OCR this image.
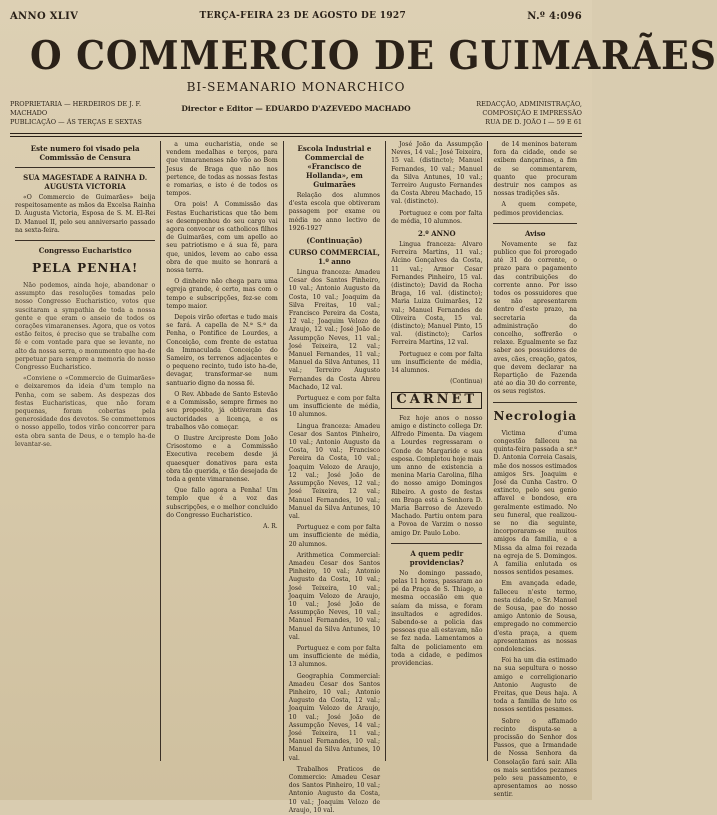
ANNO XLIV	TERÇA-FEIRA 23 DE AGOSTO DE 1927	N.º 4:096
O COMMERCIO DE GUIMARÃES
BI-SEMANARIO MONARCHICO
PROPRIETARIA — HERDEIROS DE J. F. MACHADO
PUBLICAÇÃO — ÁS TERÇAS E SEXTAS
Director e Editor — EDUARDO D'AZEVEDO MACHADO	REDACÇÃO, ADMINISTRAÇÃO, COMPOSIÇÃO E IMPRESSÃO
RUA DE D. JOÃO I — 59 E 61
Este numero foi visado pela Commissão de Censura
SUA MAGESTADE A RAINHA D. AUGUSTA VICTORIA

«O Commercio de Guimarães» beija respeitosamente as mãos da Excelsa Rainha D. Augusta Victoria, Esposa de S. M. El-Rei D. Manuel II, pelo seu anniversario passado na sexta-feira.

Congresso Eucharistico
PELA PENHA!

Não podemos, ainda hoje, abandonar o assumpto das resoluções tomadas pelo nosso Congresso Eucharistico, votos que suscitaram a sympathia de toda a nossa gente e que eram o anseio de todos os corações vimaranenses. Agora, que os votos estão feitos, é preciso que se trabalhe com fé e com vontade para que se levante, no alto da nossa serra, o monumento que ha-de perpetuar para sempre a memoria do nosso Congresso Eucharistico.

«Conviene o «Commercio de Guimarães» e deixaremos da ideia d'um templo na Penha, com se sabem. As despezas dos festas Eucharisticas, que não foram pequenas, foram cobertas pela generosidade dos devotos. Se commettemos o nosso appello, todos virão concorrer para esta obra santa de Deus, e o templo ha-de levantar-se.

a uma eucharistia, onde se vendem medalhas e terços, para que vimaranenses não vão ao Bom Jesus de Braga que não nos pertence, de todas as nossas festas e romarias, e isto é de todos os tempos.

Ora pois! A Commissão das Festas Eucharisticas que tão bem se desempenhou do seu cargo vai agora convocar os catholicos filhos de Guimarães, com um apello ao seu patriotismo e á sua fé, para que, unidos, levem ao cabo essa obra de que muito se honrará a nossa terra.

O dinheiro não chega para uma egreja grande, é certo, mas com o tempo e subscripções, fez-se com tempo maior.

Depois virão ofertas e tudo mais se fará. A capella de N.ª S.ª da Penha, o Pontifice de Lourdes, a Conceição, com frente de estatua da Immaculada Conceição do Sameiro, os terrenos adjacentes e o pequeno recinto, tudo isto ha-de, devagar, transformar-se num santuario digno da nossa fé.

O Rev. Abbade de Santo Estevão e a Commissão, sempre firmes no seu proposito, já obtiveram das auctoridades a licença, e os trabalhos vão começar.

O Ilustre Arcipreste Dom João Crisostomo e a Commissão Executiva recebem desde já quaesquer donativos para esta obra tão querida, e tão desejada de toda a gente vimaranense.

Que fallo agora a Penha! Um templo que é a voz das subscripções, e o melhor concluido do Congresso Eucharistico.

A. R.
Escola Industrial e Commercial de «Francisco de Hollanda», em Guimarães

Relação dos alumnos d'esta escola que obtiveram passagem por exame ou média no anno lectivo de 1926-1927

(Continuação)
CURSO COMMERCIAL, 1.º anno

Lingua franceza: Amadeu Cesar dos Santos Pinheiro, 10 val.; Antonio Augusto da Costa, 10 val.; Joaquim da Silva Freitas, 10 val.; Francisco Pereira da Costa, 12 val.; Joaquim Velozo de Araujo, 12 val.; José João de Assumpção Neves, 11 val.; José Teixeira, 12 val.; Manuel Fernandes, 11 val.; Manuel da Silva Antunes, 11 val.; Terreiro Augusto Fernandes da Costa Abreu Machado, 12 val.

Portuguez e com por falta um insufficiente de média, 10 alumnos.

Lingua franceza: Amadeu Cesar dos Santos Pinheiro, 10 val.; Antonio Augusto da Costa, 10 val.; Francisco Pereira da Costa, 10 val.; Joaquim Velozo de Araujo, 12 val.; José João de Assumpção Neves, 12 val.; José Teixeira, 12 val.; Manuel Fernandes, 10 val.; Manuel da Silva Antunes, 10 val.

Portuguez e com por falta um insufficiente de média, 20 alumnos.

Arithmetica Commercial: Amadeu Cesar dos Santos Pinheiro, 10 val.; Antonio Augusto da Costa, 10 val.; José Teixeira, 10 val.; Joaquim Velozo de Araujo, 10 val.; José João de Assumpção Neves, 10 val.; Manuel Fernandes, 10 val.; Manuel da Silva Antunes, 10 val.

Portuguez e com por falta um insufficiente de média, 13 alumnos.

Geographia Commercial: Amadeu Cesar dos Santos Pinheiro, 10 val.; Antonio Augusto da Costa, 12 val.; Joaquim Velozo de Araujo, 10 val.; José João de Assumpção Neves, 14 val.; José Teixeira, 11 val.; Manuel Fernandes, 10 val.; Manuel da Silva Antunes, 10 val.

Trabalhos Praticos de Commercio: Amadeu Cesar dos Santos Pinheiro, 10 val.; Antonio Augusto da Costa, 10 val.; Joaquim Velozo de Araujo, 10 val.

José João da Assumpção Neves, 14 val.; José Teixeira, 15 val. (distincto); Manuel Fernandes, 10 val.; Manuel da Silva Antunes, 10 val.; Terreiro Augusto Fernandes da Costa Abreu Machado, 15 val. (distincto).

Portuguez e com por falta de média, 10 alumnos.

2.º ANNO

Lingua franceza: Alvaro Ferreira Martins, 11 val.; Alcino Gonçalves da Costa, 11 val.; Armor Cesar Fernandes Pinheiro, 15 val. (distincto); David da Rocha Braga, 16 val. (distincto); Maria Luiza Guimarães, 12 val.; Manuel Fernandes de Oliveira Costa, 15 val. (distincto); Manuel Pinto, 15 val. (distincto); Carlos Ferreira Martins, 12 val.

Portuguez e com por falta um insufficiente de média, 14 alumnos.

(Continua)
CARNET

Fez hoje anos o nosso amigo e distincto collega Dr. Alfredo Pimenta. Da viagem a Lourdes regressaram o Conde de Margaride e sua esposa. Completou hoje mais um anno de existencia a menina Maria Carolina, filha do nosso amigo Domingos Ribeiro. A gosto de festas em Braga está a Senhora D. Maria Barroso de Azevedo Machado. Partiu ontem para a Povoa de Varzim o nosso amigo Dr. Paulo Lobo.

A quem pedir providencias?

No domingo passado, pelas 11 horas, passaram ao pé da Praça de S. Thiago, a mesma occasião em que saíam da missa, e foram insultados e agredidos. Sabendo-se a policia das pessoas que ali estavam, não se fez nada. Lamentamos a falta de policiamento em toda a cidade, e pedimos providencias.

de 14 meninos bateram fora da cidade, onde se exibem dançarinas, a fim de se commentarem, quanto que procuram destruir nos campos as nossas tradições sãs.

A quem compete, pedimos providencias.

Aviso

Novamente se faz publico que foi prorogado até 31 do corrente, o prazo para o pagamento das contribuições do corrente anno. Por isso todos os possuidores que se não apresentarem dentro d'este prazo, na secretaria da administração do concelho, soffrerão o relaxe. Egualmente se faz saber aos possuidores de aves, cães, creação, gatos, que devem declarar na Repartição de Fazenda até ao dia 30 do corrente, os seus registos.

Necrologia

Victima d'uma congestão falleceu na quinta-feira passada a sr.ª D. Antonia Correia Casais, mãe dos nossos estimados amigos Srs. Joaquim e José da Cunha Castro. O extincto, pelo seu genio affavel e bondoso, era geralmente estimado. No seu funeral, que realizou-se no dia seguinte, incorporaram-se muitos amigos da familia, e a Missa da alma foi rezada na egreja de S. Domingos. A familia enlutada os nossos sentidos pesames.

Em avançada edade, falleceu n'este termo, nesta cidade, o Sr. Manuel de Sousa, pae do nosso amigo Antonio de Sousa, empregado no commercio d'esta praça, a quem apresentamos as nossas condolencias.

Foi ha um dia estimado na sua sepultura o nosso amigo e correligionario Antonio Augusto de Freitas, que Deus haja. A toda a familia de luto os nossos sentidos pesames.

Sobre o affamado recinto disputa-se a procissão do Senhor dos Passos, que a Irmandade de Nossa Senhora da Consolação fará sair. Alla os mais sentidos pezames pelo seu passamento, e apresentamos ao nosso sentir.
